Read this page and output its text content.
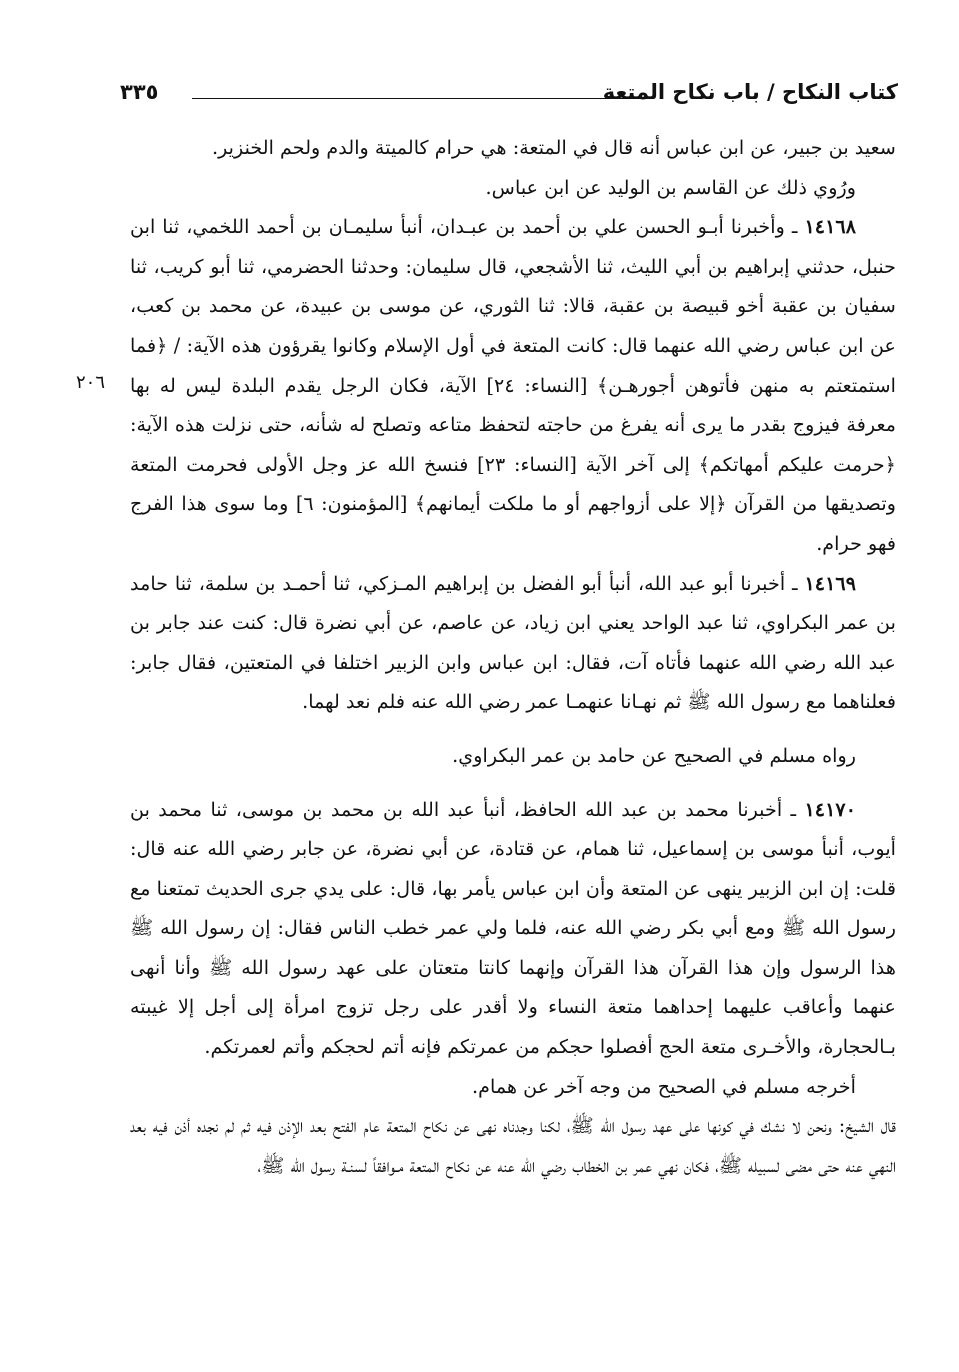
كتاب النكاح / باب نكاح المتعة
٣٣٥
٢٠٦

سعيد بن جبير، عن ابن عباس أنه قال في المتعة: هي حرام كالميتة والدم ولحم الخنزير.

ورُوي ذلك عن القاسم بن الوليد عن ابن عباس.

١٤١٦٨ ـ وأخبرنا أبـو الحسن علي بن أحمد بن عبـدان، أنبأ سليمـان بن أحمد اللخمي، ثنا ابن حنبل، حدثني إبراهيم بن أبي الليث، ثنا الأشجعي، قال سليمان: وحدثنا الحضرمي، ثنا أبو كريب، ثنا سفيان بن عقبة أخو قبيصة بن عقبة، قالا: ثنا الثوري، عن موسى بن عبيدة، عن محمد بن كعب، عن ابن عباس رضي الله عنهما قال: كانت المتعة في أول الإسلام وكانوا يقرؤون هذه الآية: / ﴿فما استمتعتم به منهن فأتوهن أجورهـن﴾ [النساء: ٢٤] الآية، فكان الرجل يقدم البلدة ليس له بها معرفة فيزوج بقدر ما يرى أنه يفرغ من حاجته لتحفظ متاعه وتصلح له شأنه، حتى نزلت هذه الآية: ﴿حرمت عليكم أمهاتكم﴾ إلى آخر الآية [النساء: ٢٣] فنسخ الله عز وجل الأولى فحرمت المتعة وتصديقها من القرآن ﴿إلا على أزواجهم أو ما ملكت أيمانهم﴾ [المؤمنون: ٦] وما سوى هذا الفرج فهو حرام.

١٤١٦٩ ـ أخبرنا أبو عبد الله، أنبأ أبو الفضل بن إبراهيم المـزكي، ثنا أحمـد بن سلمة، ثنا حامد بن عمر البكراوي، ثنا عبد الواحد يعني ابن زياد، عن عاصم، عن أبي نضرة قال: كنت عند جابر بن عبد الله رضي الله عنهما فأتاه آت، فقال: ابن عباس وابن الزبير اختلفا في المتعتين، فقال جابر: فعلناهما مع رسول الله ﷺ ثم نهـانا عنهمـا عمر رضي الله عنه فلم نعد لهما.

رواه مسلم في الصحيح عن حامد بن عمر البكراوي.

١٤١٧٠ ـ أخبرنا محمد بن عبد الله الحافظ، أنبأ عبد الله بن محمد بن موسى، ثنا محمد بن أيوب، أنبأ موسى بن إسماعيل، ثنا همام، عن قتادة، عن أبي نضرة، عن جابر رضي الله عنه قال: قلت: إن ابن الزبير ينهى عن المتعة وأن ابن عباس يأمر بها، قال: على يدي جرى الحديث تمتعنا مع رسول الله ﷺ ومع أبي بكر رضي الله عنه، فلما ولي عمر خطب الناس فقال: إن رسول الله ﷺ هذا الرسول وإن هذا القرآن هذا القرآن وإنهما كانتا متعتان على عهد رسول الله ﷺ وأنا أنهى عنهما وأعاقب عليهما إحداهما متعة النساء ولا أقدر على رجل تزوج امرأة إلى أجل إلا غيبته بـالحجارة، والأخـرى متعة الحج أفصلوا حجكم من عمرتكم فإنه أتم لحجكم وأتم لعمرتكم.

أخرجه مسلم في الصحيح من وجه آخر عن همام.

قال الشيخ: ونحن لا نشك في كونها على عهد رسول الله ﷺ، لكنا وجدناه نهى عن نكاح المتعة عام الفتح بعد الإذن فيه ثم لم نجده أذن فيه بعد النهي عنه حتى مضى لسبيله ﷺ، فكان نهي عمر بن الخطاب رضي الله عنه عن نكاح المتعة مـوافقاً لسنـة رسول الله ﷺ،
